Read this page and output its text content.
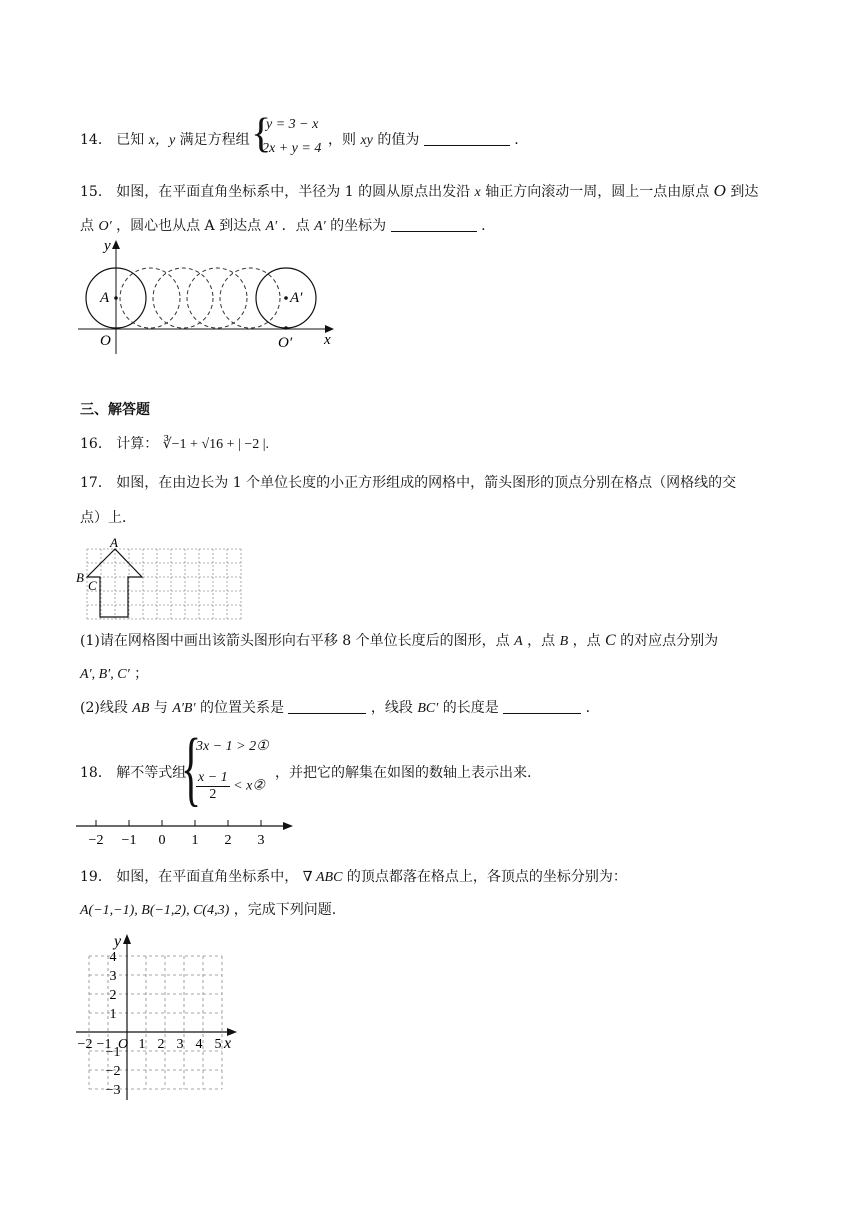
14． 已知 x，y 满足方程组 {
y = 3 − x
2x + y = 4
，则 xy 的值为	.
15． 如图，在平面直角坐标系中，半径为 1 的圆从原点出发沿 x 轴正方向滚动一周，圆上一点由原点 O 到达
点 O′ ，圆心也从点 A 到达点 A′ ．点 A′ 的坐标为	.
y
x
O	O′
A	A′
三、解答题
16． 计算： ∛−1 + √16 + | −2 |.
17． 如图，在由边长为 1 个单位长度的小正方形组成的网格中，箭头图形的顶点分别在格点（网格线的交
点）上．
A
B
C
(1)请在网格图中画出该箭头图形向右平移 8 个单位长度后的图形，点 A ，点 B ，点 C 的对应点分别为
A′, B′, C′ ；
(2)线段 AB 与 A′B′ 的位置关系是	，线段 BC′ 的长度是	.
18． 解不等式组
{
3x − 1 > 2①
$\frac{x - 1}{2}$ < x②
，并把它的解集在如图的数轴上表示出来.
−2 −1 0 1 2 3
19． 如图，在平面直角坐标系中， ∇ ABC 的顶点都落在格点上，各顶点的坐标分别为：
A(−1,−1), B(−1,2), C(4,3) ，完成下列问题.
4
3
2
1
−1
−2
−3
−2 −1 1 2 3 4 5
y
x
O
